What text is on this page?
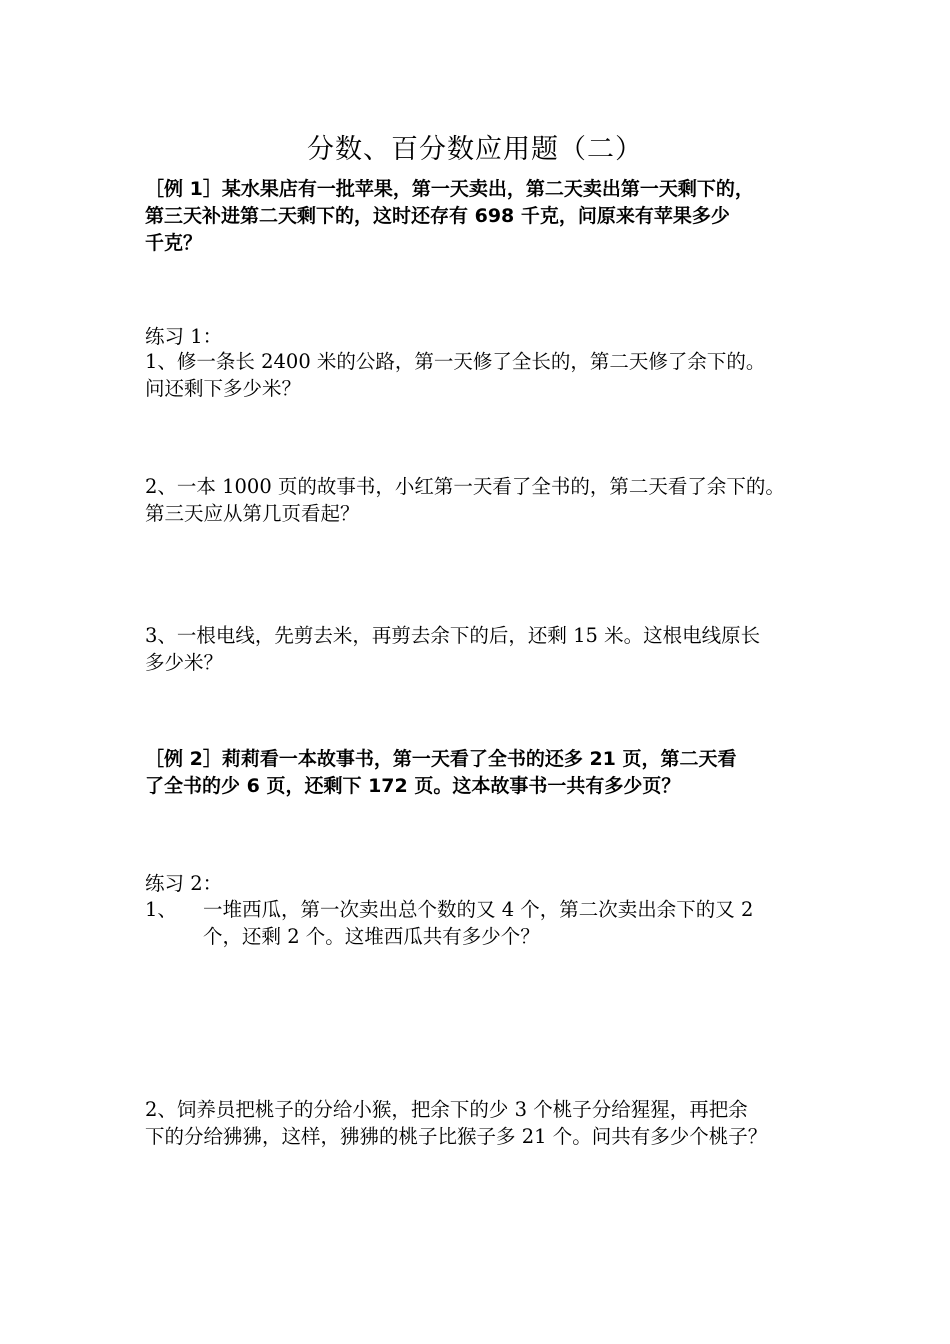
分数、百分数应用题（二）
［例 1］某水果店有一批苹果，第一天卖出，第二天卖出第一天剩下的，
第三天补进第二天剩下的，这时还存有 698 千克，问原来有苹果多少
千克？
练习 1：
1、修一条长 2400 米的公路，第一天修了全长的，第二天修了余下的。
问还剩下多少米？
2、一本 1000 页的故事书，小红第一天看了全书的，第二天看了余下的。
第三天应从第几页看起？
3、一根电线，先剪去米，再剪去余下的后，还剩 15 米。这根电线原长
多少米？
［例 2］莉莉看一本故事书，第一天看了全书的还多 21 页，第二天看
了全书的少 6 页，还剩下 172 页。这本故事书一共有多少页？
练习 2：
1、 一堆西瓜，第一次卖出总个数的又 4 个，第二次卖出余下的又 2
个，还剩 2 个。这堆西瓜共有多少个？
2、饲养员把桃子的分给小猴，把余下的少 3 个桃子分给猩猩，再把余
下的分给狒狒，这样，狒狒的桃子比猴子多 21 个。问共有多少个桃子？
